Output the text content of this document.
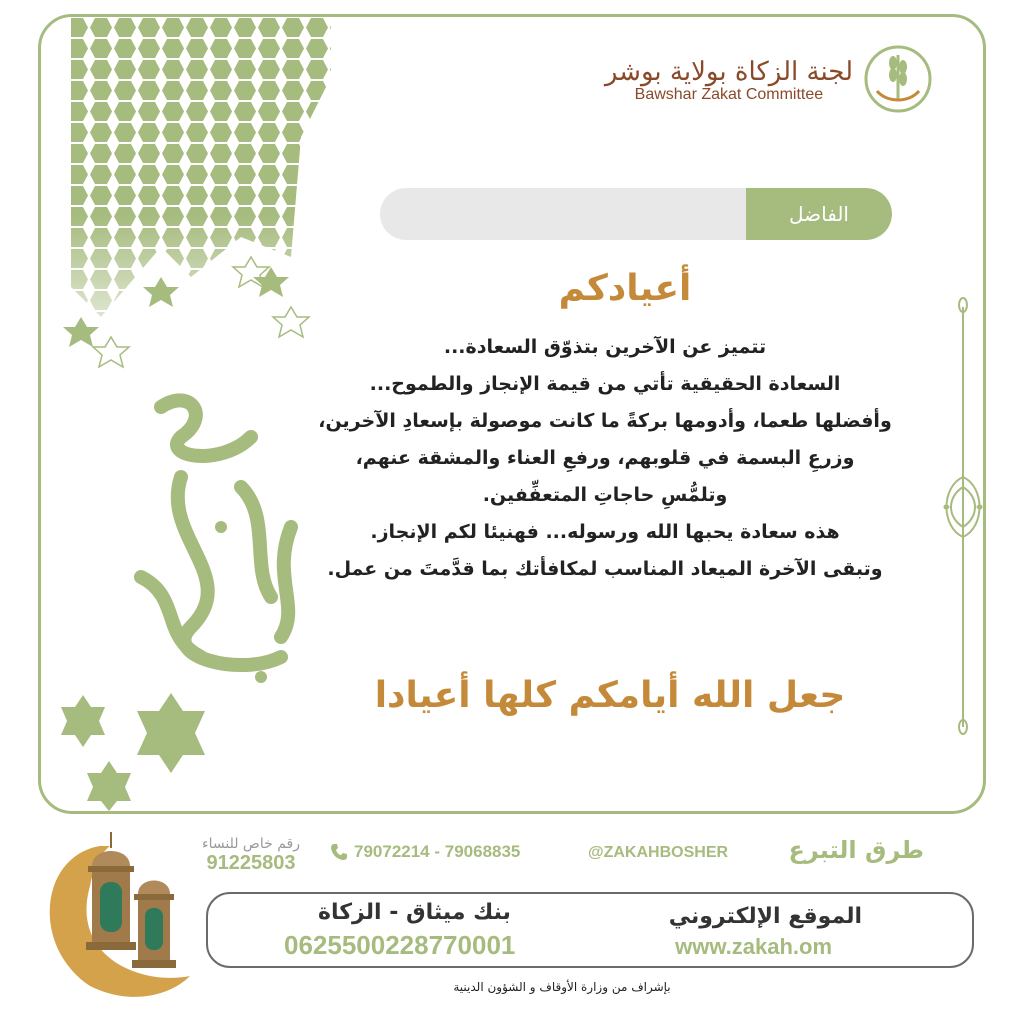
لجنة الزكاة بولاية بوشر
Bawshar Zakat Committee
الفاضل
أعيادكم
تتميز عن الآخرين بتذوّق السعادة...
السعادة الحقيقية تأتي من قيمة الإنجاز والطموح...
وأفضلها طعما، وأدومها بركةً ما كانت موصولة بإسعادِ الآخرين،
وزرعِ البسمة في قلوبهم، ورفعِ العناء والمشقة عنهم،
وتلمُّسِ حاجاتِ المتعفِّفين.
هذه سعادة يحبها الله ورسوله... فهنيئا لكم الإنجاز.
وتبقى الآخرة الميعاد المناسب لمكافأتك بما قدَّمتَ من عمل.
جعل الله أيامكم كلها أعيادا
طرق التبرع
@ZAKAHBOSHER
79072214 - 79068835
رقم خاص للنساء
91225803
الموقع الإلكتروني
www.zakah.om
بنك ميثاق - الزكاة
0625500228770001
بإشراف من وزارة الأوقاف و الشؤون الدينية
